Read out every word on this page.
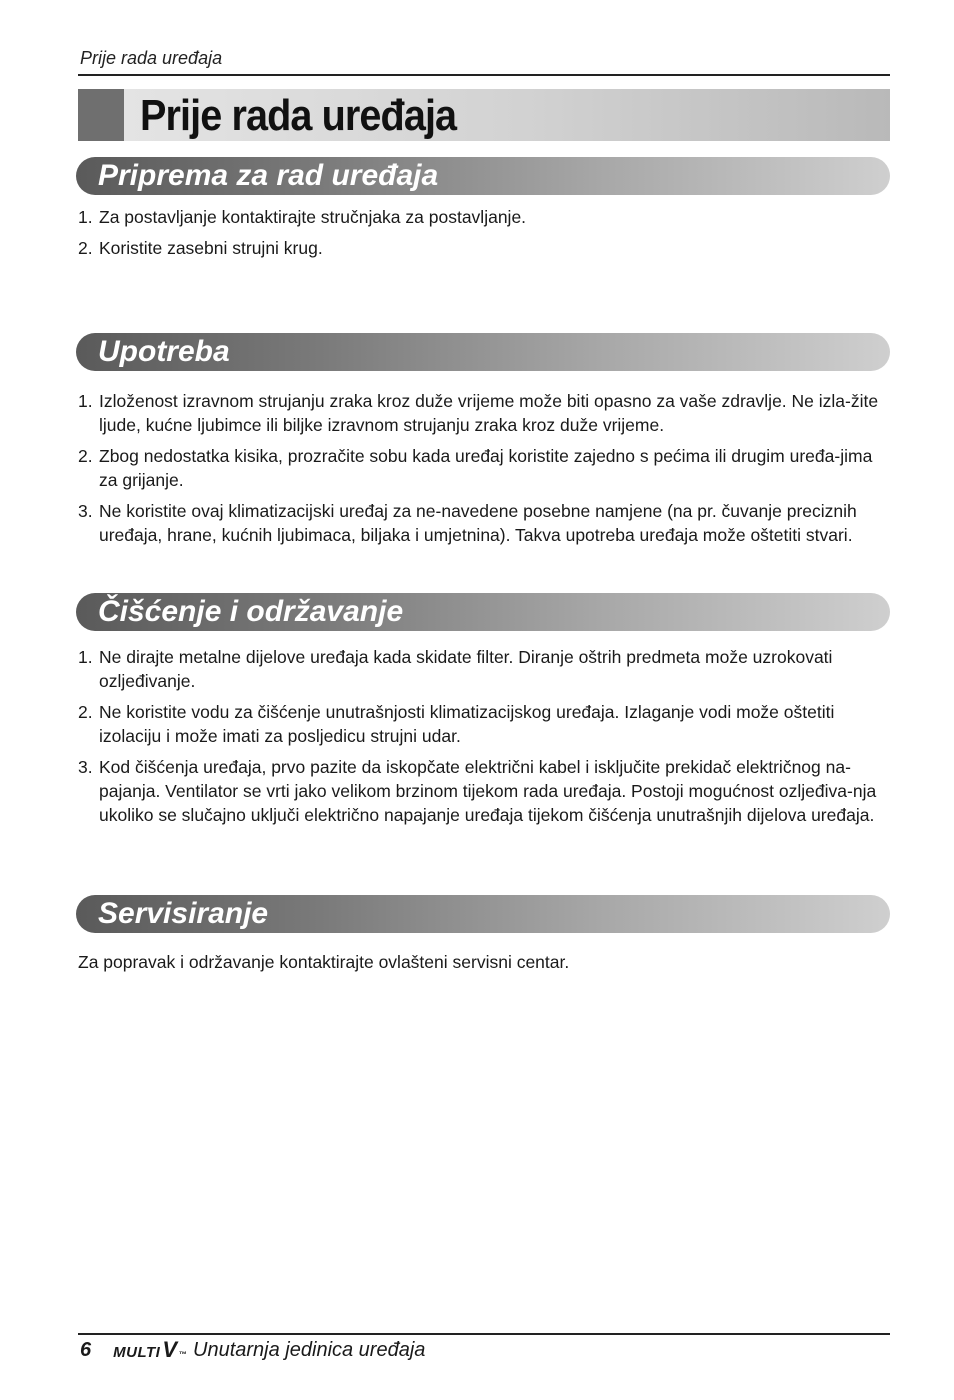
Prije rada uređaja
Prije rada uređaja
Priprema za rad uređaja
1. Za postavljanje kontaktirajte stručnjaka za postavljanje.
2. Koristite zasebni strujni krug.
Upotreba
1. Izloženost izravnom strujanju zraka kroz duže vrijeme može biti opasno za vaše zdravlje. Ne izla-žite ljude, kućne ljubimce ili biljke izravnom strujanju zraka kroz duže vrijeme.
2. Zbog nedostatka kisika, prozračite sobu kada uređaj koristite zajedno s pećima ili drugim uređa-jima za grijanje.
3. Ne koristite ovaj klimatizacijski uređaj za ne-navedene posebne namjene (na pr. čuvanje preciznih uređaja, hrane, kućnih ljubimaca, biljaka i umjetnina). Takva upotreba uređaja može oštetiti stvari.
Čišćenje i održavanje
1. Ne dirajte metalne dijelove uređaja kada skidate filter. Diranje oštrih predmeta može uzrokovati ozljeđivanje.
2. Ne koristite vodu za čišćenje unutrašnjosti klimatizacijskog uređaja. Izlaganje vodi može oštetiti izolaciju i može imati za posljedicu strujni udar.
3. Kod čišćenja uređaja, prvo pazite da iskopčate električni kabel i isključite prekidač električnog na-pajanja. Ventilator se vrti jako velikom brzinom tijekom rada uređaja. Postoji mogućnost ozljeđiva-nja ukoliko se slučajno uključi električno napajanje uređaja tijekom čišćenja unutrašnjih dijelova uređaja.
Servisiranje
Za popravak i održavanje kontaktirajte ovlašteni servisni centar.
6 MULTI V ™ Unutarnja jedinica uređaja
